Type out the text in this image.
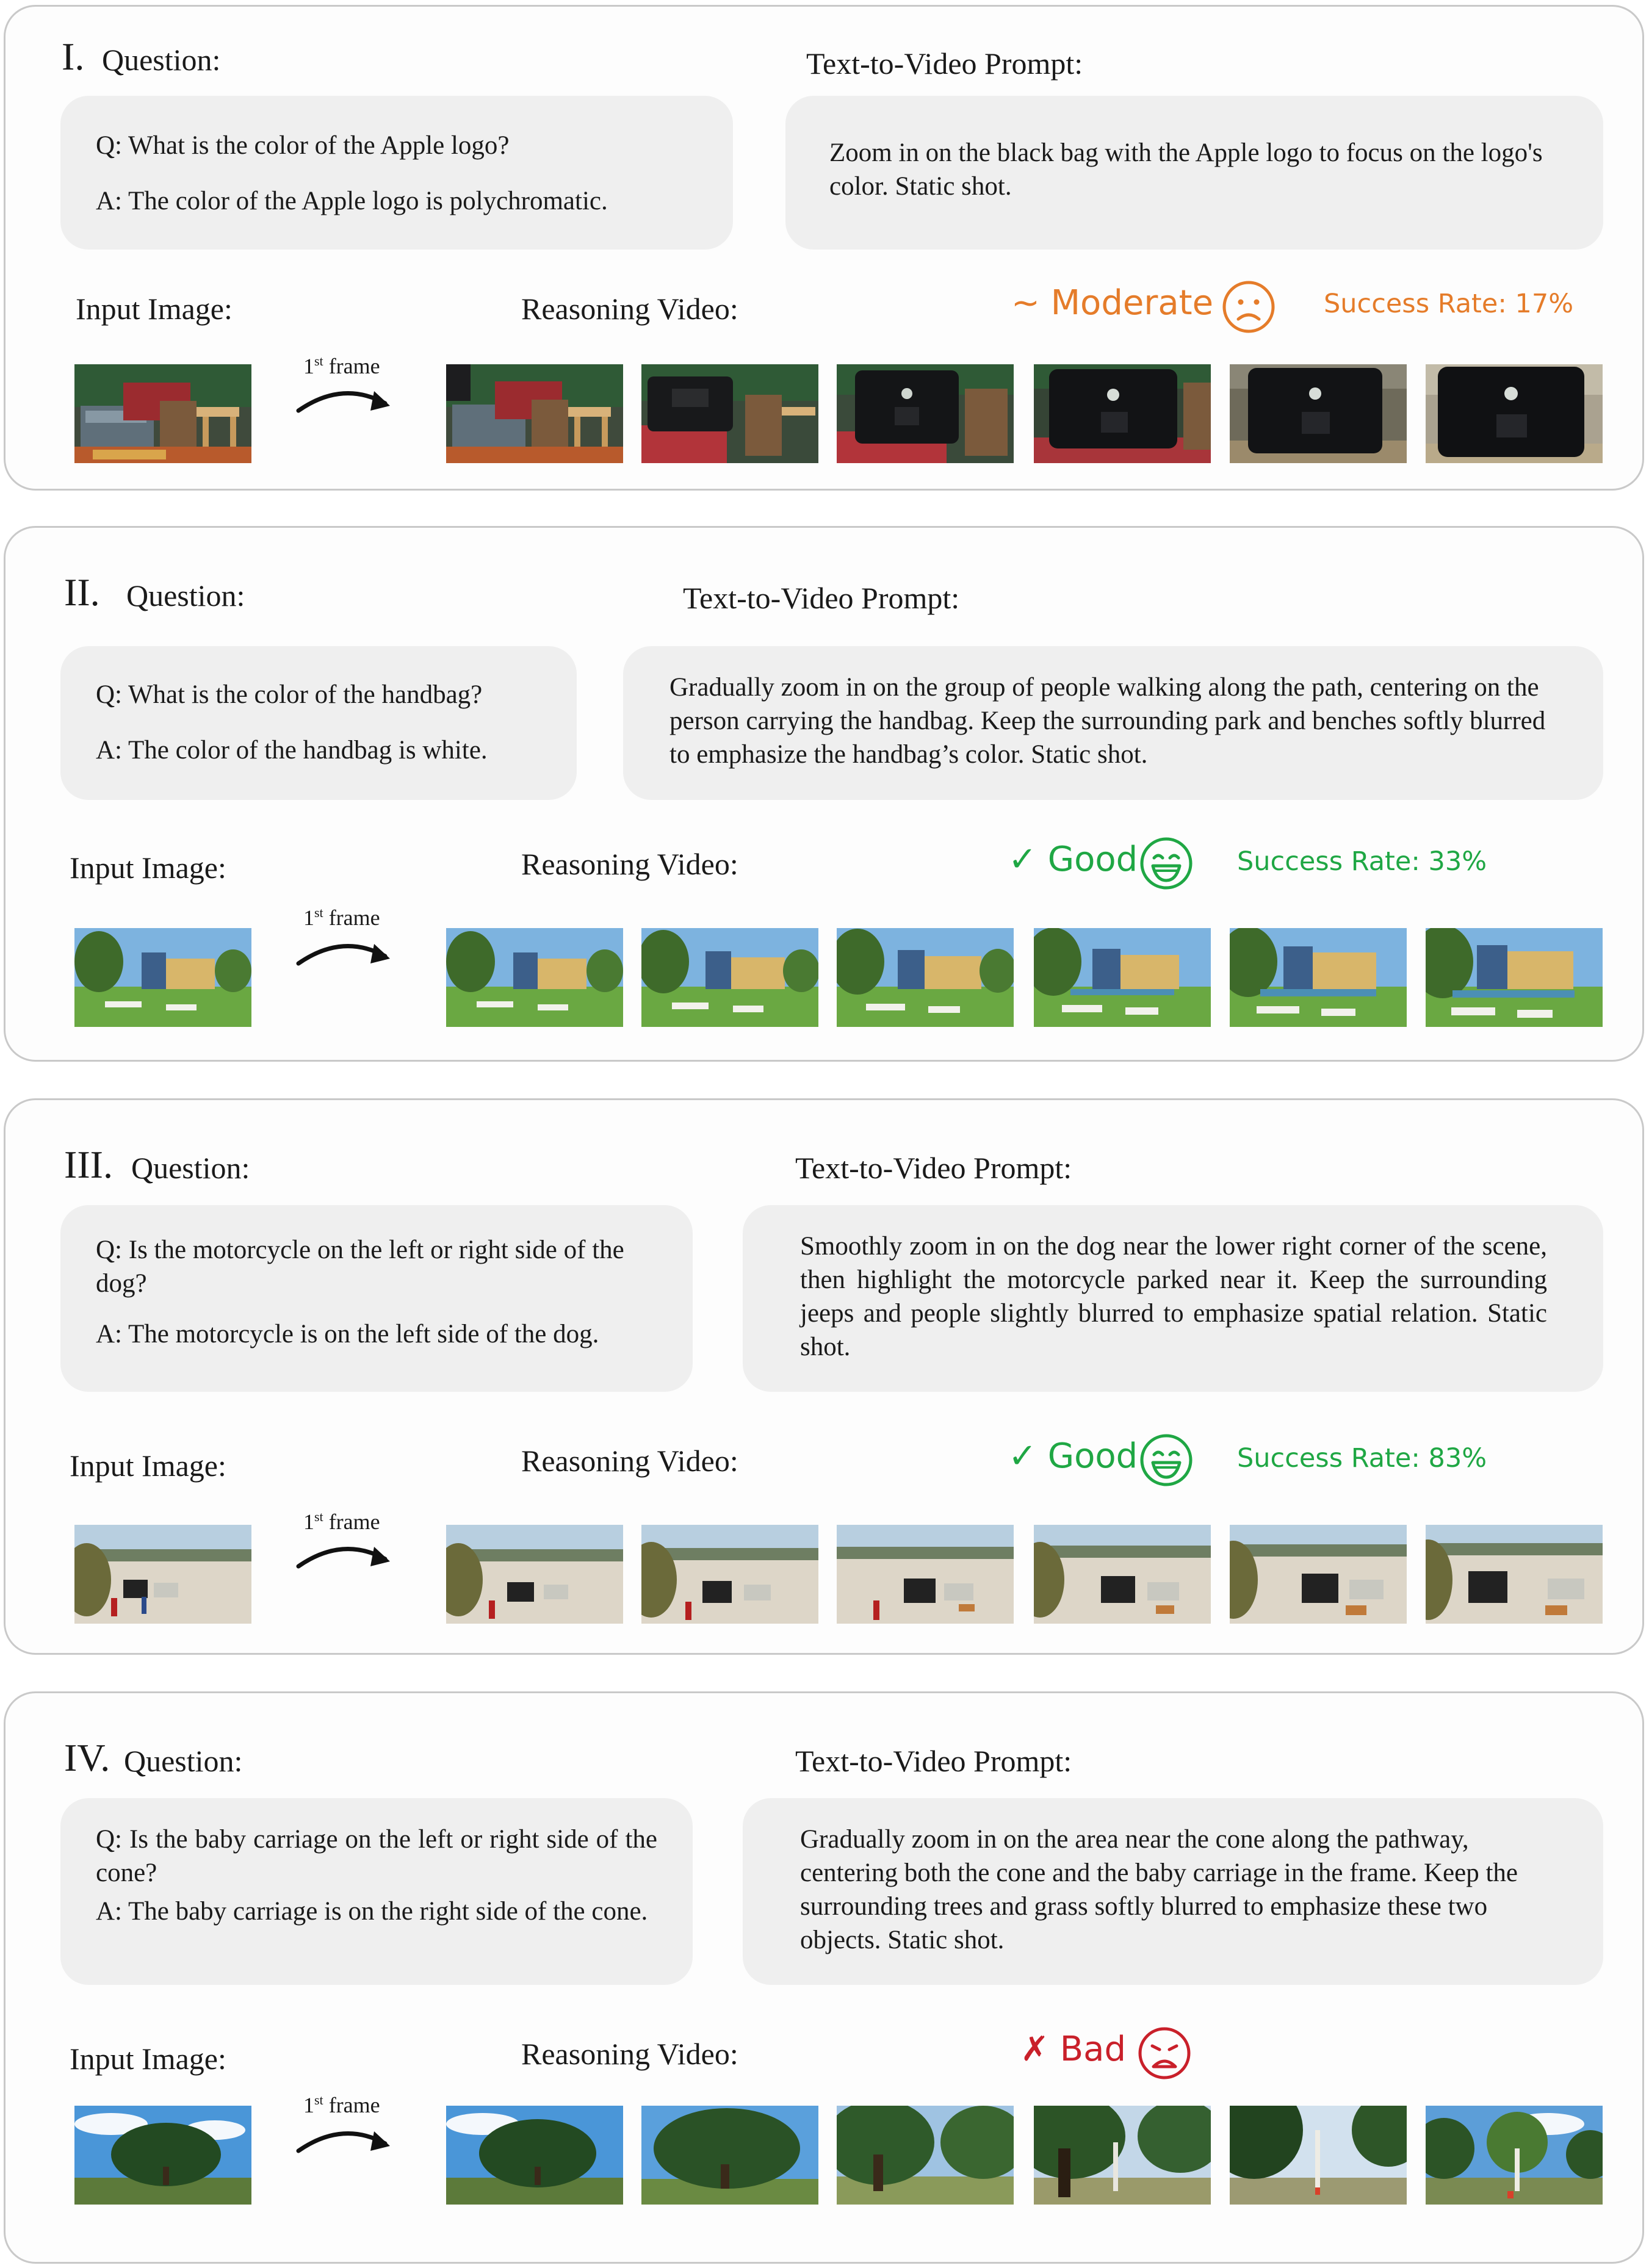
I. Question:	Text-to-Video Prompt:

Q: What is the color of the Apple logo?

A: The color of the Apple logo is polychromatic.

Zoom in on the black bag with the Apple logo to focus on the logo's color. Static shot.

Input Image:	Reasoning Video:	~ Moderate	Success Rate: 17%
1st frame
II. Question:	Text-to-Video Prompt:

Q: What is the color of the handbag?

A: The color of the handbag is white.

Gradually zoom in on the group of people walking along the path, centering on the person carrying the handbag. Keep the surrounding park and benches softly blurred to emphasize the handbag’s color. Static shot.

Input Image:	Reasoning Video:	✓ Good	Success Rate: 33%
1st frame
III. Question:	Text-to-Video Prompt:

Q: Is the motorcycle on the left or right side of the dog?

A: The motorcycle is on the left side of the dog.

Smoothly zoom in on the dog near the lower right corner of the scene, then highlight the motorcycle parked near it. Keep the surrounding jeeps and people slightly blurred to emphasize spatial relation. Static shot.

Input Image:	Reasoning Video:	✓ Good	Success Rate: 83%
1st frame
IV. Question:	Text-to-Video Prompt:

Q: Is the baby carriage on the left or right side of the cone?

A: The baby carriage is on the right side of the cone.

Gradually zoom in on the area near the cone along the pathway, centering both the cone and the baby carriage in the frame. Keep the surrounding trees and grass softly blurred to emphasize these two objects. Static shot.

Input Image:	Reasoning Video:	✗ Bad
1st frame
